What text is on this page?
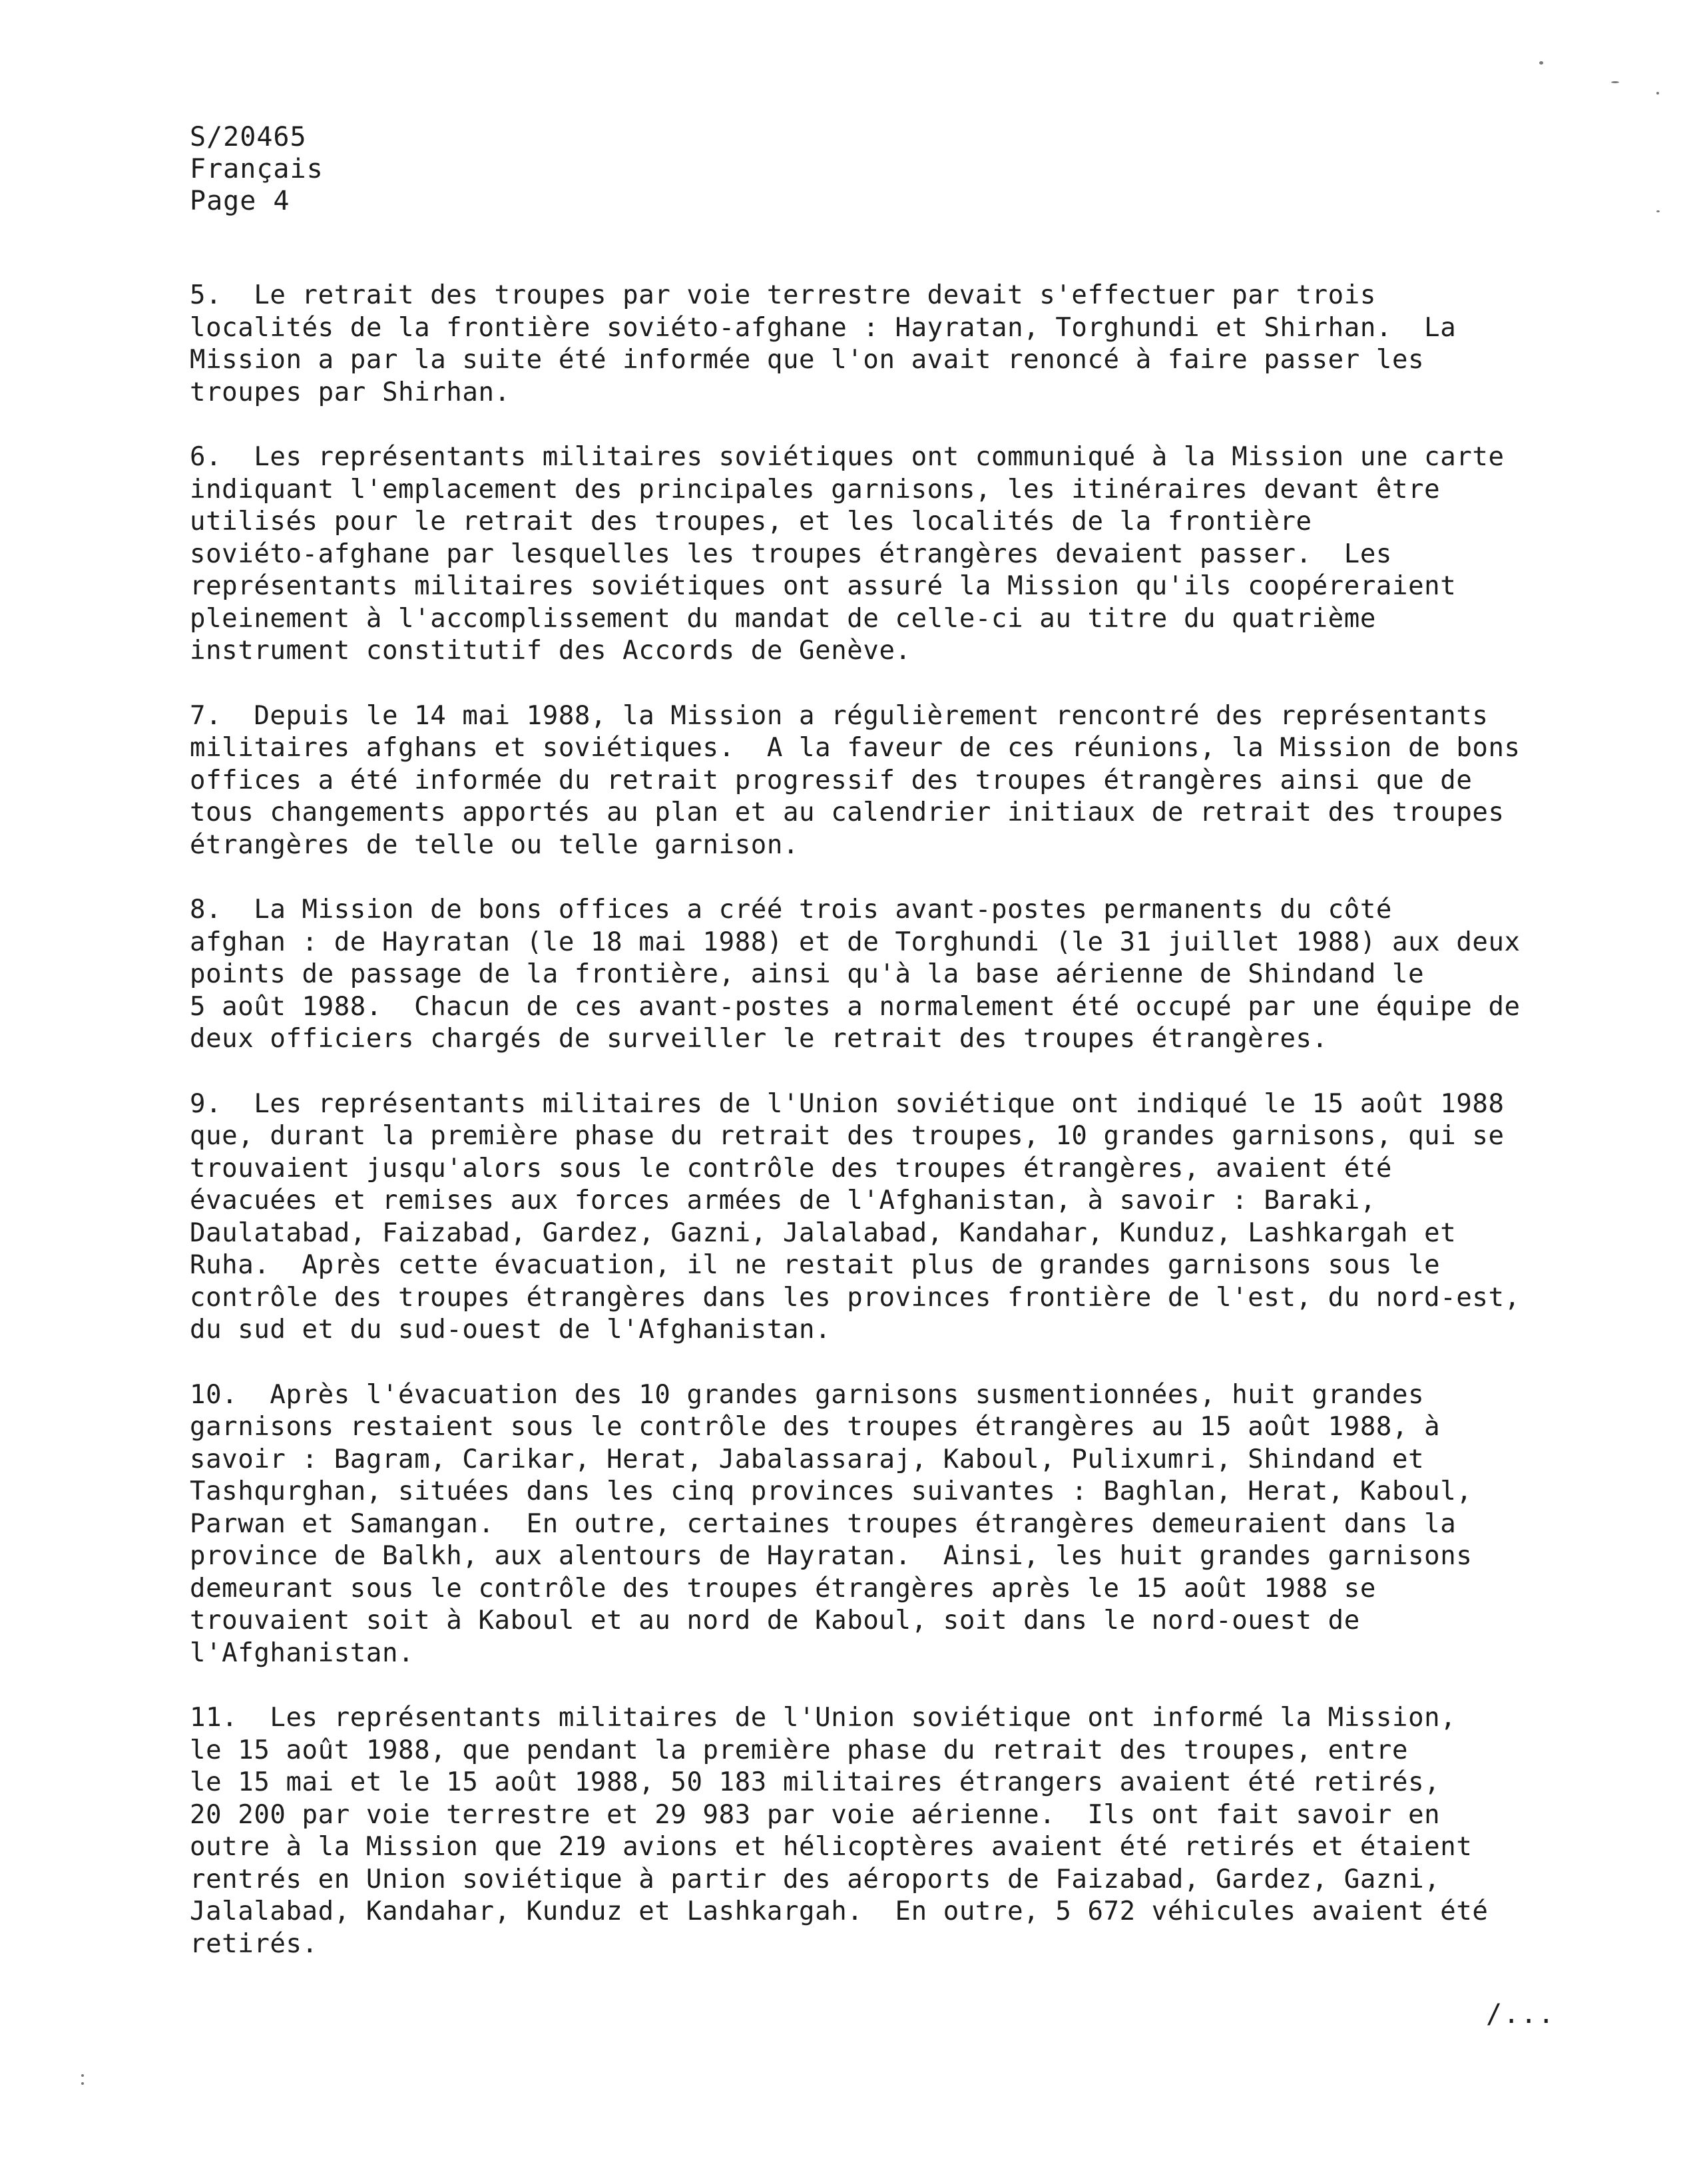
S/20465
Français
Page 4
5.  Le retrait des troupes par voie terrestre devait s'effectuer par trois
localités de la frontière soviéto-afghane : Hayratan, Torghundi et Shirhan.  La
Mission a par la suite été informée que l'on avait renoncé à faire passer les
troupes par Shirhan.
6.  Les représentants militaires soviétiques ont communiqué à la Mission une carte
indiquant l'emplacement des principales garnisons, les itinéraires devant être
utilisés pour le retrait des troupes, et les localités de la frontière
soviéto-afghane par lesquelles les troupes étrangères devaient passer.  Les
représentants militaires soviétiques ont assuré la Mission qu'ils coopéreraient
pleinement à l'accomplissement du mandat de celle-ci au titre du quatrième
instrument constitutif des Accords de Genève.
7.  Depuis le 14 mai 1988, la Mission a régulièrement rencontré des représentants
militaires afghans et soviétiques.  A la faveur de ces réunions, la Mission de bons
offices a été informée du retrait progressif des troupes étrangères ainsi que de
tous changements apportés au plan et au calendrier initiaux de retrait des troupes
étrangères de telle ou telle garnison.
8.  La Mission de bons offices a créé trois avant-postes permanents du côté
afghan : de Hayratan (le 18 mai 1988) et de Torghundi (le 31 juillet 1988) aux deux
points de passage de la frontière, ainsi qu'à la base aérienne de Shindand le
5 août 1988.  Chacun de ces avant-postes a normalement été occupé par une équipe de
deux officiers chargés de surveiller le retrait des troupes étrangères.
9.  Les représentants militaires de l'Union soviétique ont indiqué le 15 août 1988
que, durant la première phase du retrait des troupes, 10 grandes garnisons, qui se
trouvaient jusqu'alors sous le contrôle des troupes étrangères, avaient été
évacuées et remises aux forces armées de l'Afghanistan, à savoir : Baraki,
Daulatabad, Faizabad, Gardez, Gazni, Jalalabad, Kandahar, Kunduz, Lashkargah et
Ruha.  Après cette évacuation, il ne restait plus de grandes garnisons sous le
contrôle des troupes étrangères dans les provinces frontière de l'est, du nord-est,
du sud et du sud-ouest de l'Afghanistan.
10.  Après l'évacuation des 10 grandes garnisons susmentionnées, huit grandes
garnisons restaient sous le contrôle des troupes étrangères au 15 août 1988, à
savoir : Bagram, Carikar, Herat, Jabalassaraj, Kaboul, Pulixumri, Shindand et
Tashqurghan, situées dans les cinq provinces suivantes : Baghlan, Herat, Kaboul,
Parwan et Samangan.  En outre, certaines troupes étrangères demeuraient dans la
province de Balkh, aux alentours de Hayratan.  Ainsi, les huit grandes garnisons
demeurant sous le contrôle des troupes étrangères après le 15 août 1988 se
trouvaient soit à Kaboul et au nord de Kaboul, soit dans le nord-ouest de
l'Afghanistan.
11.  Les représentants militaires de l'Union soviétique ont informé la Mission,
le 15 août 1988, que pendant la première phase du retrait des troupes, entre
le 15 mai et le 15 août 1988, 50 183 militaires étrangers avaient été retirés,
20 200 par voie terrestre et 29 983 par voie aérienne.  Ils ont fait savoir en
outre à la Mission que 219 avions et hélicoptères avaient été retirés et étaient
rentrés en Union soviétique à partir des aéroports de Faizabad, Gardez, Gazni,
Jalalabad, Kandahar, Kunduz et Lashkargah.  En outre, 5 672 véhicules avaient été
retirés.
/...
